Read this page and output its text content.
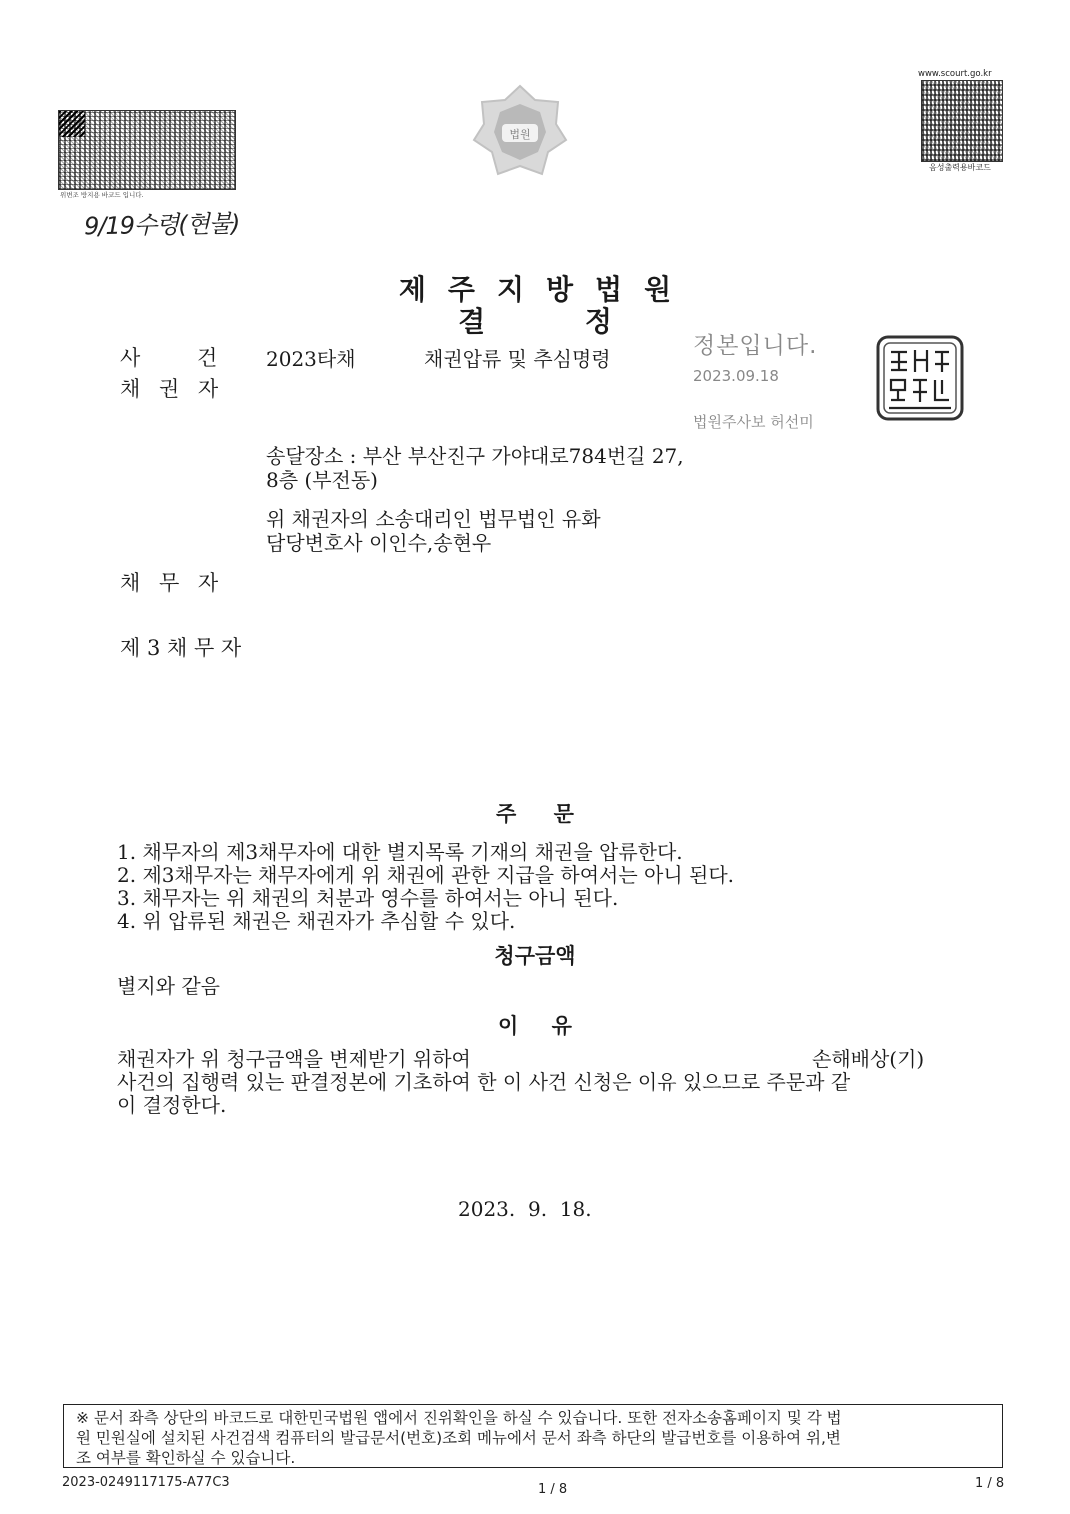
위변조 방지용 바코드 입니다.
9/19수령(현불)
법원
www.scourt.go.kr
음성출력용바코드
제주지방법원
결 정
정본입니다.
2023.09.18
법원주사보 허선미
사 건 2023타채	채권압류 및 추심명령
채 권 자
송달장소 : 부산 부산진구 가야대로784번길 27,
8층 (부전동)
위 채권자의 소송대리인 법무법인 유화
담당변호사 이인수,송현우
채 무 자
제 3 채 무 자
주 문
1. 채무자의 제3채무자에 대한 별지목록 기재의 채권을 압류한다.
2. 제3채무자는 채무자에게 위 채권에 관한 지급을 하여서는 아니 된다.
3. 채무자는 위 채권의 처분과 영수를 하여서는 아니 된다.
4. 위 압류된 채권은 채권자가 추심할 수 있다.
청구금액
별지와 같음
이 유
채권자가 위 청구금액을 변제받기 위하여	손해배상(기)
사건의 집행력 있는 판결정본에 기초하여 한 이 사건 신청은 이유 있으므로 주문과 같
이 결정한다.
2023.  9.  18.
※ 문서 좌측 상단의 바코드로 대한민국법원 앱에서 진위확인을 하실 수 있습니다. 또한 전자소송홈페이지 및 각 법
원 민원실에 설치된 사건검색 컴퓨터의 발급문서(번호)조회 메뉴에서 문서 좌측 하단의 발급번호를 이용하여 위,변
조 여부를 확인하실 수 있습니다.
2023-0249117175-A77C3	1 / 8	1 / 8
